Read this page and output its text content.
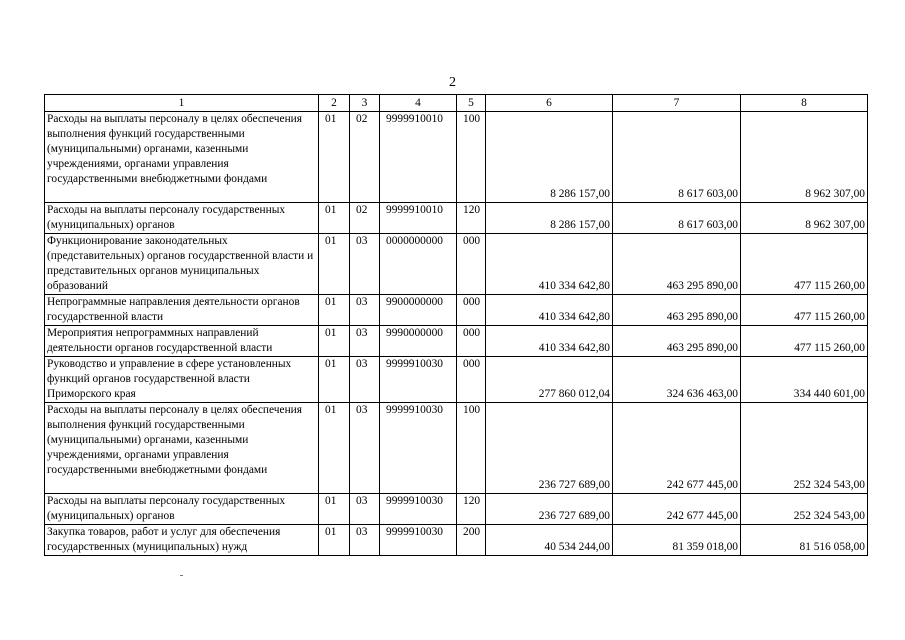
2
1	2	3	4	5	6	7	8
Расходы на выплаты персоналу в целях обеспечения выполнения функций государственными (муниципальными) органами, казенными учреждениями, органами управления государственными внебюджетными фондами	01	02	9999910010	100	8 286 157,00	8 617 603,00	8 962 307,00
Расходы на выплаты персоналу государственных (муниципальных) органов	01	02	9999910010	120	8 286 157,00	8 617 603,00	8 962 307,00
Функционирование законодательных (представительных) органов государственной власти и представительных органов муниципальных образований	01	03	0000000000	000	410 334 642,80	463 295 890,00	477 115 260,00
Непрограммные направления деятельности органов государственной власти	01	03	9900000000	000	410 334 642,80	463 295 890,00	477 115 260,00
Мероприятия непрограммных направлений деятельности органов государственной власти	01	03	9990000000	000	410 334 642,80	463 295 890,00	477 115 260,00
Руководство и управление в сфере установленных функций органов государственной власти Приморского края	01	03	9999910030	000	277 860 012,04	324 636 463,00	334 440 601,00
Расходы на выплаты персоналу в целях обеспечения выполнения функций государственными (муниципальными) органами, казенными учреждениями, органами управления государственными внебюджетными фондами	01	03	9999910030	100	236 727 689,00	242 677 445,00	252 324 543,00
Расходы на выплаты персоналу государственных (муниципальных) органов	01	03	9999910030	120	236 727 689,00	242 677 445,00	252 324 543,00
Закупка товаров, работ и услуг для обеспечения государственных (муниципальных) нужд	01	03	9999910030	200	40 534 244,00	81 359 018,00	81 516 058,00
